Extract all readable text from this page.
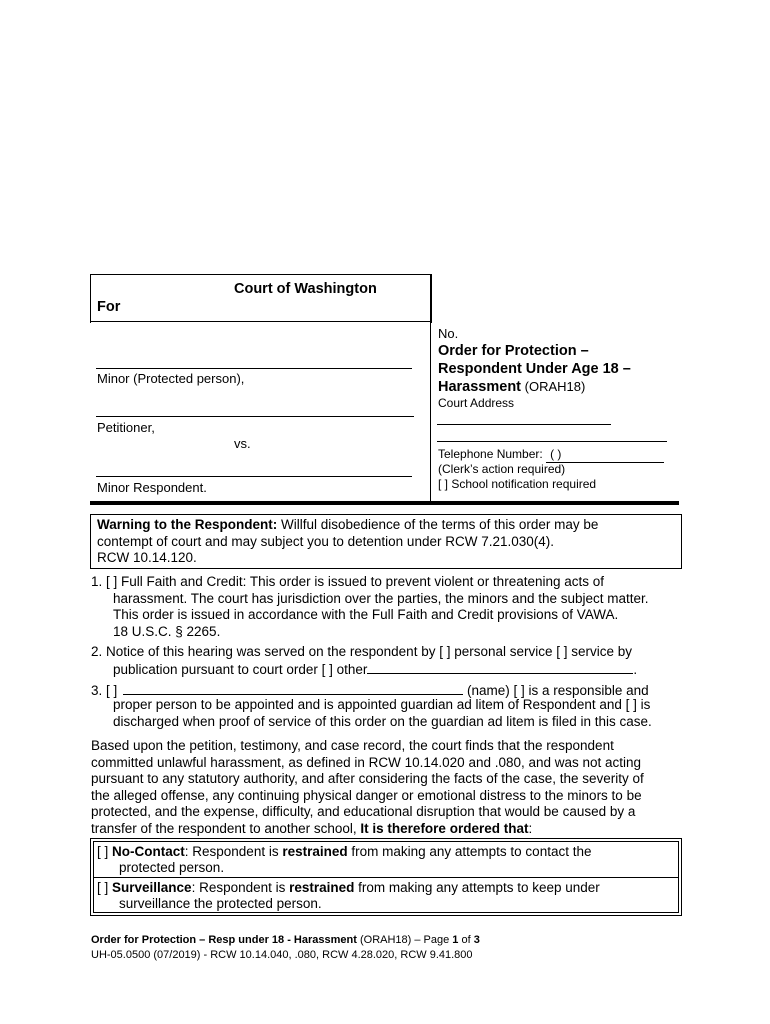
Court of Washington
For
Minor (Protected person),
Petitioner,
vs.
Minor Respondent.
No.
Order for Protection –
Respondent Under Age 18 –
Harassment (ORAH18)
Court Address
Telephone Number: ( )
(Clerk’s action required)
[ ] School notification required
Warning to the Respondent: Willful disobedience of the terms of this order may be
contempt of court and may subject you to detention under RCW 7.21.030(4).
RCW 10.14.120.
1. [ ] Full Faith and Credit: This order is issued to prevent violent or threatening acts of
harassment. The court has jurisdiction over the parties, the minors and the subject matter.
This order is issued in accordance with the Full Faith and Credit provisions of VAWA.
18 U.S.C. § 2265.
2. Notice of this hearing was served on the respondent by [ ] personal service [ ] service by
publication pursuant to court order [ ] other	.
3. [ ]	(name) [ ] is a responsible and
proper person to be appointed and is appointed guardian ad litem of Respondent and [ ] is
discharged when proof of service of this order on the guardian ad litem is filed in this case.
Based upon the petition, testimony, and case record, the court finds that the respondent
committed unlawful harassment, as defined in RCW 10.14.020 and .080, and was not acting
pursuant to any statutory authority, and after considering the facts of the case, the severity of
the alleged offense, any continuing physical danger or emotional distress to the minors to be
protected, and the expense, difficulty, and educational disruption that would be caused by a
transfer of the respondent to another school, It is therefore ordered that:
[ ] No-Contact: Respondent is restrained from making any attempts to contact the
protected person.
[ ] Surveillance: Respondent is restrained from making any attempts to keep under
surveillance the protected person.
Order for Protection – Resp under 18 - Harassment (ORAH18) – Page 1 of 3
UH-05.0500 (07/2019) - RCW 10.14.040, .080, RCW 4.28.020, RCW 9.41.800
